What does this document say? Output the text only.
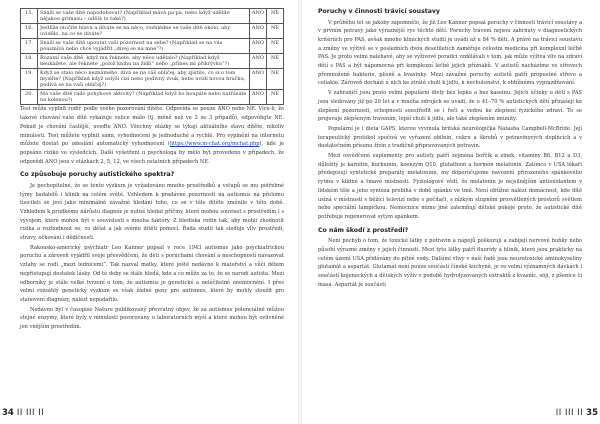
15.	Snaží se vaše dítě napodobovat? (Například mává pa-pa, nebo když udělíte nějakou grimasu – udělá to také?)	ANO	NE
16.	Jestliže otočíte hlavu a díváte se na něco, rozhlédne se vaše dítě okolo, aby uvidělo, na co se díváte?	ANO	NE
17.	Snaží se vaše dítě upoutat vaši pozornost na sebe? (Například se na vás pousmívá nebo chce vyjádřit „dívej se na mne“?)	ANO	NE
18.	Rozumí vaše dítě, když mu řeknete, aby něco udělalo? (Například když neukážete, ale řeknete „polož knihu na židli“ nebo „přines mi přikrývku“?)	ANO	NE
19.	Když se stalo něco neznámého, dívá se na váš obličej, aby zjistilo, co si o tom myslíte? (Například když uslyší cizí nebo podivný zvuk, nebo uvidí novou hračku, podívá se na vaši obličej?)	ANO	NE
20.	Má vaše dítě rádo pohybové aktivity? (Například když ho houpáte nebo natřásáte na kolenou?)	ANO	NE

Test může vyplnit rodič podle svého pozorování dítěte. Odpovídá se pouze ANO nebo NE. Více-li, že takové chování vaše dítě vykazuje velice málo (tj. méně než ve 2 ze 3 případů), odpovídejte NE. Pokud je chování častější, uveďte ANO. Všechny otázky se týkají aktuálního stavu dítěte, nikoliv minulosti. Test můžete vyplnit sami, vyhodnocení je jednoduché a rychlé. Pro vyplnění na internetu můžete dostat po odeslání automatický vyhodnocení (https://www.m-chat.org/mchat.php), kde je popsáno riziko ve výsledcích. Další vyšetření u psychologa by mělo být provedeno v případech, že odpovědi ANO jsou v otázkách 2, 5, 12, ve všech ostatních případech NE.

Co způsobuje poruchy autistického spektra?

Je pochopitelné, že se tento výzkum je vyžadováno mnoho prostředků a vstupů se mu potřebné týmy badatelů i klinik na celém světě. Vzhledem k pradávné pozornosti na autismus na přelomu tisíciletí se jeví jako minimálně závažné hledání toho, co se v těle dítěte změnilo v této době. Vzhledem k prudkému nárůstu diagnóz je nutné hledat příčiny, které mohou souviset s prostředím i s vývojem, které mohou být v souvislosti s mnoha faktory. Z hlediska rodin tak, aby mohli zhodnotit rizika a rozhodnout se, co dělat a jak svému dítěti pomoci. Řada studií tak sleduje vliv prostředí, stravy, očkování i dědičnosti.

Rakousko-americký psychiatr Leo Kanner popsal v roce 1943 autismus jako psychiatrickou poruchu a zároveň vyjádřil svoje přesvědčení, že děti s poruchami chování a neschopností navazovat vztahy se rodí „mezi lednicemi“. Tak nazval matky, které ještě nedávno k mateřství a vůči dětem nepřistupují dostatek lásky. Od té doby se stále hledá, kdo a co může za to, že se narodí autista. Mezi odborníky je stále velké tvrzení o tom, že autismus je genetické a neléčitelné onemocnění. I přes velmi rozsáhlý genetický výzkum se však žádné geny pro autismus, které by mohly sloužit pro stanovení diagnózy, nalézt nepodařilo.

Nedávno byl v časopise Nature publikovaný převratný objev, že za autismus potenciálně můžou stejné enzymy, které byly v minulosti pozorovány u laboratorních myší a které mohou být ovlivněné jen vnějším prostředím.

34 II III II
Poruchy v činnosti trávicí soustavy

V průběhu let se jakoby zapomnělo, že již Leo Kanner popsal poruchy v činnosti trávicí soustavy a v prvním potravy jako výraznější rys těchto dětí. Poruchy trávení nejsou zahrnuty v diagnostických kritériích pro PAS, avšak mnoho klinických studií je uvádí až u 84 % dětí. A právě na trávicí soustavu a změny ve výživě se v posledních dvou desetiletích zaměřuje celostní medicína při komplexní léčbě PAS. Je proto velmi nalehavé, aby se výživové poradci vzdělávali v tom, jak může výživa vliv na zdraví dětí s PAS a být nápomocná při komplexní léčbě jejich příznaků. V autistů nacházíme ve střevech přemnožené bakterie, plísně a kvasinky. Mezi závažné poruchy autistů patří propustné střevo a celiakie. Zároveň dochází u nich ke ztrátě chuti k jídlu, k nechutenství, k obtížnému vyprazdňování.

V zahraničí jsou proto velmi populární diety bez lepku a bez kaseinu. Jejich účinky u dětí s PAS jsou sledovány již po 20 let a v mnoha zdrojích se uvádí, že u 41–70 % autistických dětí přinášejí ke zlepšení pozornosti, schopnosti soustředit se i řeči a vedou ke zlepšení fyzického zdraví. To se projevuje zlepšeným trávením, lepší chutí k jídlu, ale také zlepšením imunity.

Populární je i dieta GAPS, kterou vyvinula britská neurologička Natasha Campbell-McBride. Její terapeutický protokol spočívá ve vyřazení obilnin, cukru a škrobů v potravinových doplňcích a v dostatečném přísunu živin z tradičně připravovaných potravin.

Mezi osvědčené suplementy pro autisty patří zejména hořčík a zinek, vitamíny B6, B12 a D3, důležitý je karnitin, kurkumin, koenzym Q10, glutathion a hormon melatonin. Zatímco v USA lékaři předepisují syntetické preparáty melatoninu, my doporučujeme navození přirozeného spánkového rytmu v klidné a tmavé místnosti. Fyziologové vědí, že melatonin je nejsilnějším antioxidantem v lidském těle a jeho syntéza probíhá v době spánku ve tmě. Není obtížné nalézt domácnost, kde dítě usíná v místnosti s běžící televizí nebo s počítači, s nízkým stupněm prosvětlených prostorů světlem nebo speciální lampičkou. Nemocnice mimo jiné zatemňují dětské pokoje proto, že autistické dítě potřebuje regenerovat sytým spánkem.

Co nám škodí z prostředí?

Není pochyb o tom, že toxické látky z potravin a nápojů poškozují a zabíjejí nervové buňky nebo působí výrazné změny v jejich činnosti. Mezi tyto látky patří fluoridy a hliník, které jsou prakticky na celém území USA přidávány do pitné vody. Dalšími vlivy v naší řadě jsou neurotoxické aminokyseliny glutamát a aspartát. Glutamát není pouze součástí čínské kuchyně, je ve velmi významných dávkách i součástí kojeneckých a dětských výživ v podobě hydrolyzovaných extraktů z kvasnic, sóji, z pšenice či masa. Aspartát je součástí

II III II 35
